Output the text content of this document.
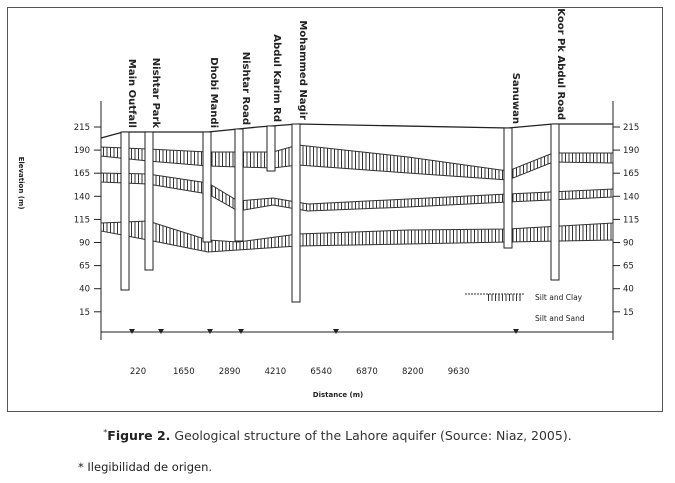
Main Outfall Nishtar Park	Dhobi Mandi Nishtar Road Abdul Karim Rd Mohammed Nagir	Sanuwan	Koor Pk Abdul Road
215
190
165
140
115
90
65
40
15
215
190
165
140
115
90
65
40
15
Elevation (m)
220	1650	2890	4210	6540	6870	8200	9630
Distance (m)
Silt and Clay
Silt and Sand
*Figure 2. Geological structure of the Lahore aquifer (Source: Niaz, 2005).
* Ilegibilidad de origen.
